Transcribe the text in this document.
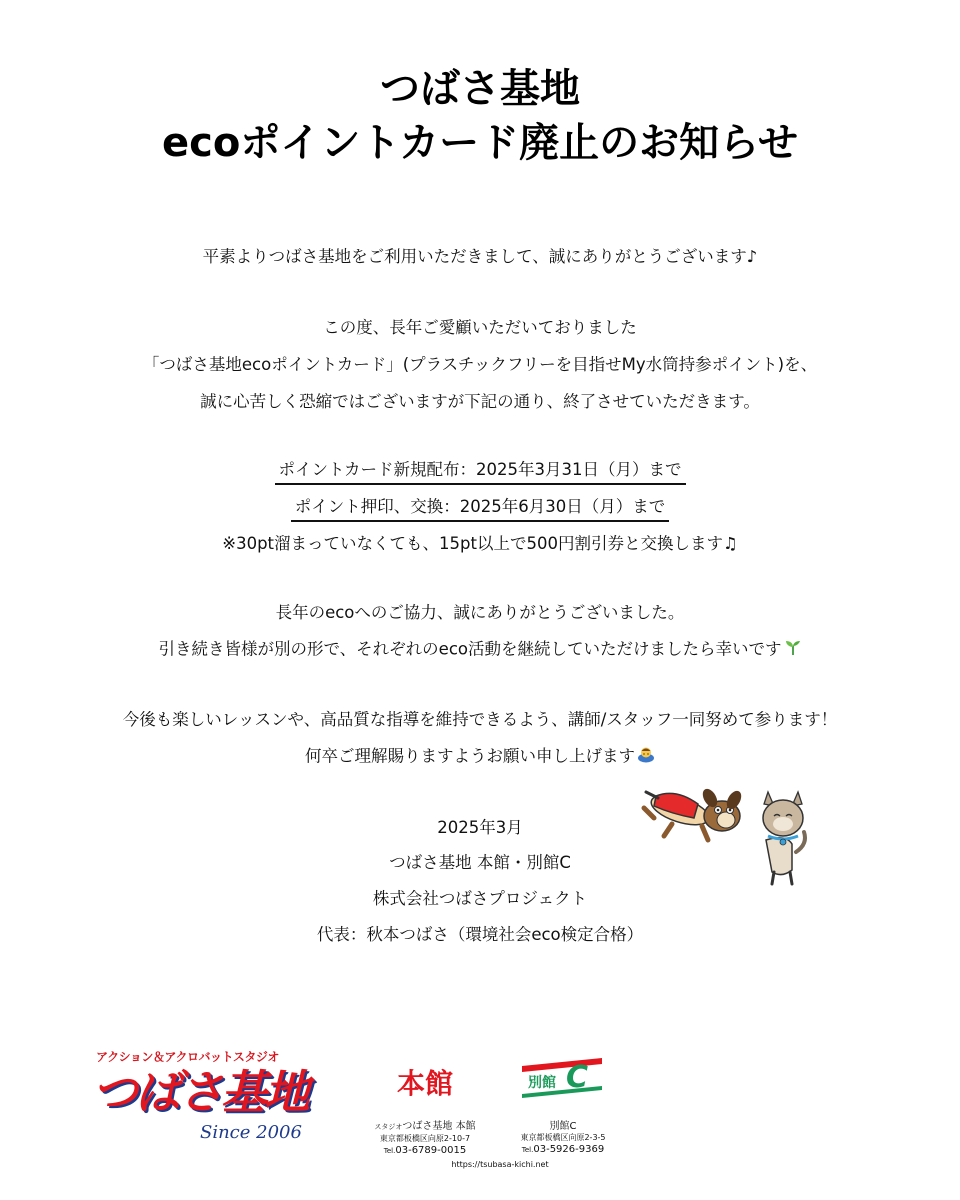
つばさ基地
ecoポイントカード廃止のお知らせ
平素よりつばさ基地をご利用いただきまして、誠にありがとうございます♪
この度、長年ご愛顧いただいておりました
「つばさ基地ecoポイントカード」(プラスチックフリーを目指せMy水筒持参ポイント)を、
誠に心苦しく恐縮ではございますが下記の通り、終了させていただきます。
ポイントカード新規配布：2025年3月31日（月）まで
ポイント押印、交換：2025年6月30日（月）まで
※30pt溜まっていなくても、15pt以上で500円割引券と交換します♫
長年のecoへのご協力、誠にありがとうございました。
引き続き皆様が別の形で、それぞれのeco活動を継続していただけましたら幸いです
今後も楽しいレッスンや、高品質な指導を維持できるよう、講師/スタッフ一同努めて参ります！
何卒ご理解賜りますようお願い申し上げます
2025年3月
つばさ基地 本館・別館C
株式会社つばさプロジェクト
代表：秋本つばさ（環境社会eco検定合格）
アクション＆アクロバットスタジオ
つばさ基地
Since 2006
本館
スタジオつばさ基地 本館
東京都板橋区向原2-10-7
Tel.03-6789-0015
別館 C
別館C
東京都板橋区向原2-3-5
Tel.03-5926-9369
https://tsubasa-kichi.net
